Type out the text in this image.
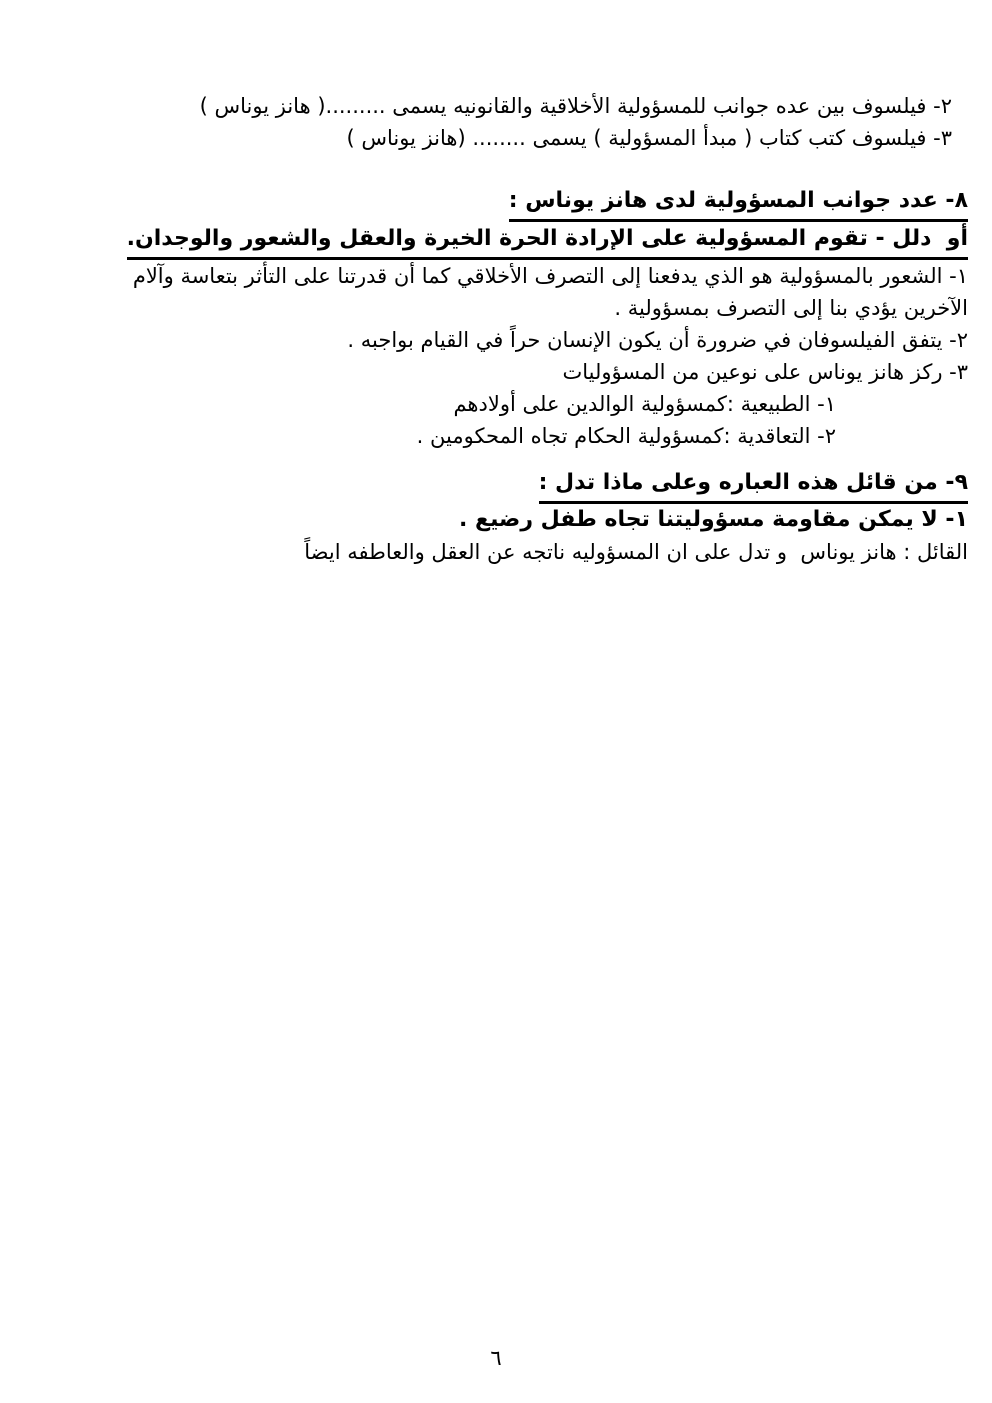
٢- فيلسوف بين عده جوانب للمسؤولية الأخلاقية والقانونيه يسمى .........( هانز يوناس )

٣- فيلسوف كتب كتاب ( مبدأ المسؤولية ) يسمى ........ (هانز يوناس )

٨- عدد جوانب المسؤولية لدى هانز يوناس :

أو  دلل - تقوم المسؤولية على الإرادة الحرة الخيرة والعقل والشعور والوجدان.

١- الشعور بالمسؤولية هو الذي يدفعنا إلى التصرف الأخلاقي كما أن قدرتنا على التأثر بتعاسة وآلام الآخرين يؤدي بنا إلى التصرف بمسؤولية .

٢- يتفق الفيلسوفان في ضرورة أن يكون الإنسان حراً في القيام بواجبه .

٣- ركز هانز يوناس على نوعين من المسؤوليات

١- الطبيعية :كمسؤولية الوالدين على أولادهم

٢- التعاقدية :كمسؤولية الحكام تجاه المحكومين .

٩- من قائل هذه العباره وعلى ماذا تدل :

١- لا يمكن مقاومة مسؤوليتنا تجاه طفل رضيع .

القائل : هانز يوناس  و تدل على ان المسؤوليه ناتجه عن العقل والعاطفه ايضاً

٦
